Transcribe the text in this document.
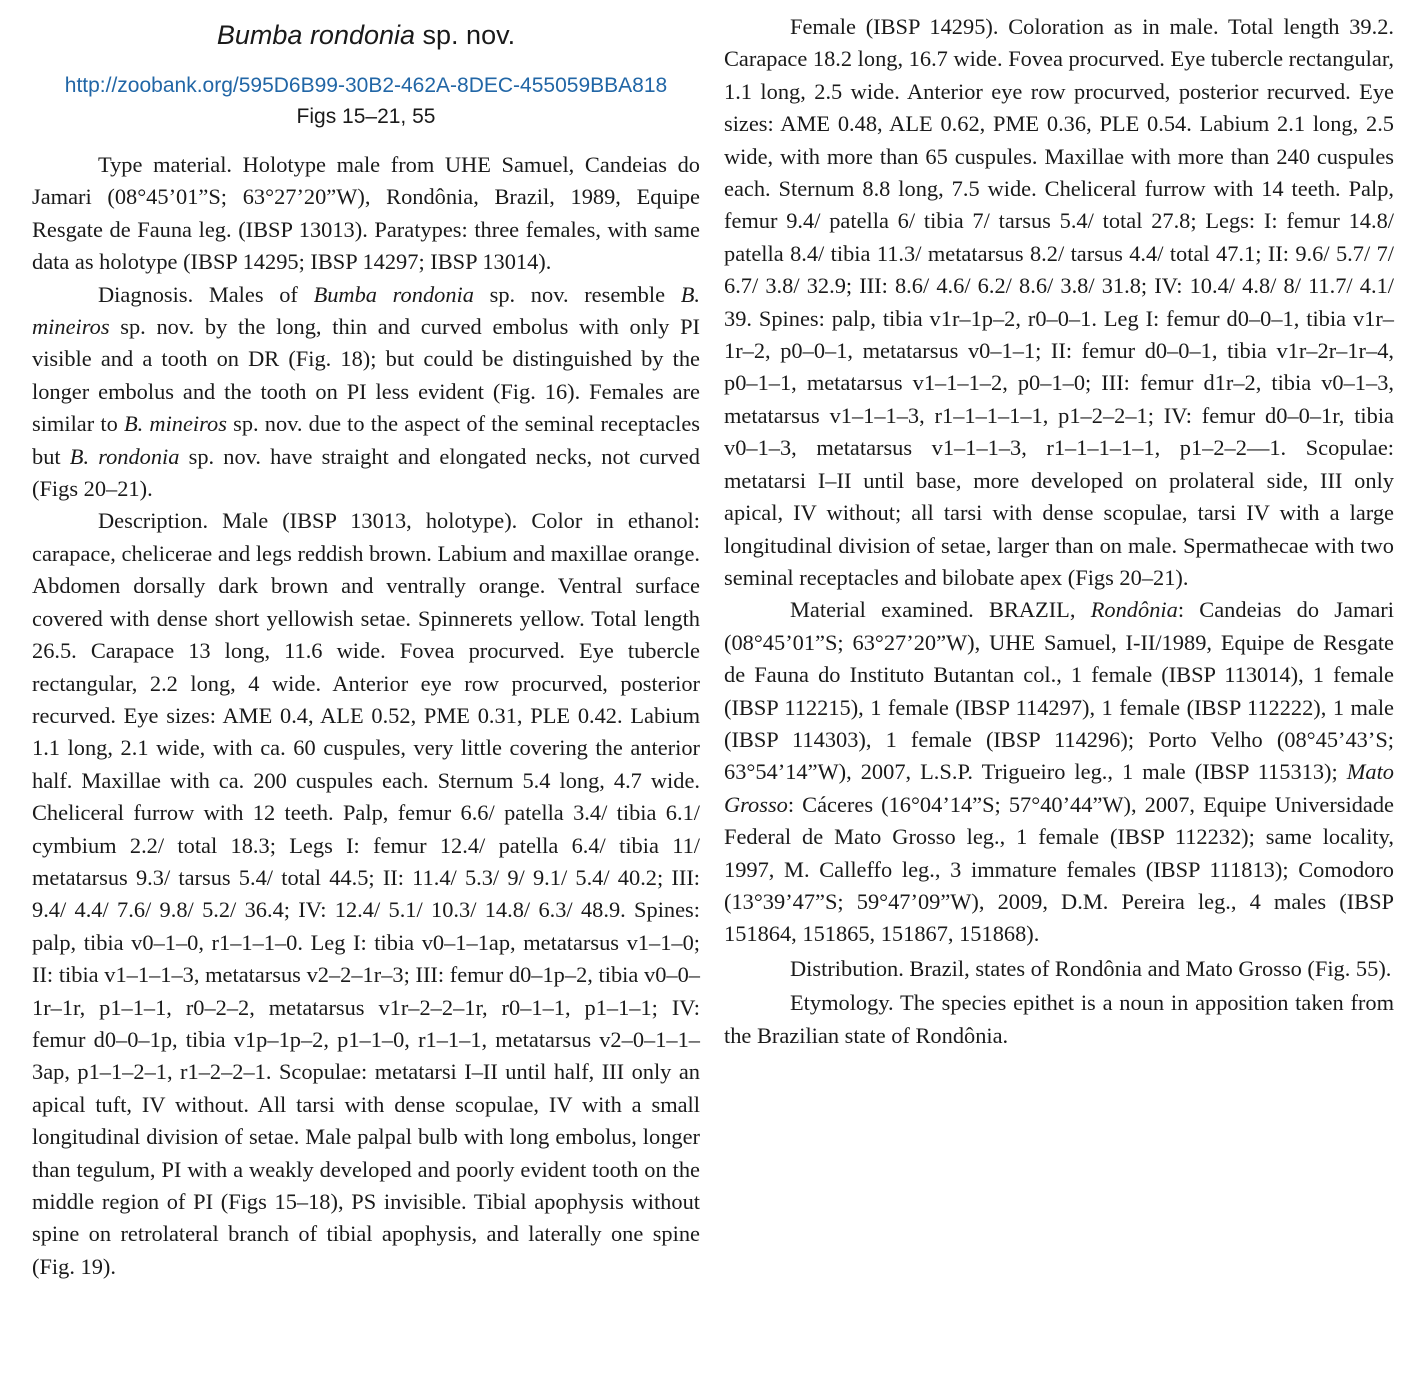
Bumba rondonia sp. nov.

http://zoobank.org/595D6B99-30B2-462A-8DEC-455059BBA818

Figs 15–21, 55

Type material. Holotype male from UHE Samuel, Candeias do Jamari (08°45’01”S; 63°27’20”W), Rondônia, Brazil, 1989, Equipe Resgate de Fauna leg. (IBSP 13013). Paratypes: three females, with same data as holotype (IBSP 14295; IBSP 14297; IBSP 13014).

Diagnosis. Males of Bumba rondonia sp. nov. resemble B. mineiros sp. nov. by the long, thin and curved embolus with only PI visible and a tooth on DR (Fig. 18); but could be distinguished by the longer embolus and the tooth on PI less evident (Fig. 16). Females are similar to B. mineiros sp. nov. due to the aspect of the seminal receptacles but B. rondonia sp. nov. have straight and elongated necks, not curved (Figs 20–21).

Description. Male (IBSP 13013, holotype). Color in ethanol: carapace, chelicerae and legs reddish brown. Labium and maxillae orange. Abdomen dorsally dark brown and ventrally orange. Ventral surface covered with dense short yellowish setae. Spinnerets yellow. Total length 26.5. Carapace 13 long, 11.6 wide. Fovea procurved. Eye tubercle rectangular, 2.2 long, 4 wide. Anterior eye row procurved, posterior recurved. Eye sizes: AME 0.4, ALE 0.52, PME 0.31, PLE 0.42. Labium 1.1 long, 2.1 wide, with ca. 60 cuspules, very little covering the anterior half. Maxillae with ca. 200 cuspules each. Sternum 5.4 long, 4.7 wide. Cheliceral furrow with 12 teeth. Palp, femur 6.6/ patella 3.4/ tibia 6.1/ cymbium 2.2/ total 18.3; Legs I: femur 12.4/ patella 6.4/ tibia 11/ metatarsus 9.3/ tarsus 5.4/ total 44.5; II: 11.4/ 5.3/ 9/ 9.1/ 5.4/ 40.2; III: 9.4/ 4.4/ 7.6/ 9.8/ 5.2/ 36.4; IV: 12.4/ 5.1/ 10.3/ 14.8/ 6.3/ 48.9. Spines: palp, tibia v0–1–0, r1–1–1–0. Leg I: tibia v0–1–1ap, metatarsus v1–1–0; II: tibia v1–1–1–3, metatarsus v2–2–1r–3; III: femur d0–1p–2, tibia v0–0–1r–1r, p1–1–1, r0–2–2, metatarsus v1r–2–2–1r, r0–1–1, p1–1–1; IV: femur d0–0–1p, tibia v1p–1p–2, p1–1–0, r1–1–1, metatarsus v2–0–1–1–3ap, p1–1–2–1, r1–2–2–1. Scopulae: metatarsi I–II until half, III only an apical tuft, IV without. All tarsi with dense scopulae, IV with a small longitudinal division of setae. Male palpal bulb with long embolus, longer than tegulum, PI with a weakly developed and poorly evident tooth on the middle region of PI (Figs 15–18), PS invisible. Tibial apophysis without spine on retrolateral branch of tibial apophysis, and laterally one spine (Fig. 19).

Female (IBSP 14295). Coloration as in male. Total length 39.2. Carapace 18.2 long, 16.7 wide. Fovea procurved. Eye tubercle rectangular, 1.1 long, 2.5 wide. Anterior eye row procurved, posterior recurved. Eye sizes: AME 0.48, ALE 0.62, PME 0.36, PLE 0.54. Labium 2.1 long, 2.5 wide, with more than 65 cuspules. Maxillae with more than 240 cuspules each. Sternum 8.8 long, 7.5 wide. Cheliceral furrow with 14 teeth. Palp, femur 9.4/ patella 6/ tibia 7/ tarsus 5.4/ total 27.8; Legs: I: femur 14.8/ patella 8.4/ tibia 11.3/ metatarsus 8.2/ tarsus 4.4/ total 47.1; II: 9.6/ 5.7/ 7/ 6.7/ 3.8/ 32.9; III: 8.6/ 4.6/ 6.2/ 8.6/ 3.8/ 31.8; IV: 10.4/ 4.8/ 8/ 11.7/ 4.1/ 39. Spines: palp, tibia v1r–1p–2, r0–0–1. Leg I: femur d0–0–1, tibia v1r–1r–2, p0–0–1, metatarsus v0–1–1; II: femur d0–0–1, tibia v1r–2r–1r–4, p0–1–1, metatarsus v1–1–1–2, p0–1–0; III: femur d1r–2, tibia v0–1–3, metatarsus v1–1–1–3, r1–1–1–1–1, p1–2–2–1; IV: femur d0–0–1r, tibia v0–1–3, metatarsus v1–1–1–3, r1–1–1–1–1, p1–2–2—1. Scopulae: metatarsi I–II until base, more developed on prolateral side, III only apical, IV without; all tarsi with dense scopulae, tarsi IV with a large longitudinal division of setae, larger than on male. Spermathecae with two seminal receptacles and bilobate apex (Figs 20–21).

Material examined. BRAZIL, Rondônia: Candeias do Jamari (08°45’01”S; 63°27’20”W), UHE Samuel, I-II/1989, Equipe de Resgate de Fauna do Instituto Butantan col., 1 female (IBSP 113014), 1 female (IBSP 112215), 1 female (IBSP 114297), 1 female (IBSP 112222), 1 male (IBSP 114303), 1 female (IBSP 114296); Porto Velho (08°45’43’S; 63°54’14”W), 2007, L.S.P. Trigueiro leg., 1 male (IBSP 115313); Mato Grosso: Cáceres (16°04’14”S; 57°40’44”W), 2007, Equipe Universidade Federal de Mato Grosso leg., 1 female (IBSP 112232); same locality, 1997, M. Calleffo leg., 3 immature females (IBSP 111813); Comodoro (13°39’47”S; 59°47’09”W), 2009, D.M. Pereira leg., 4 males (IBSP 151864, 151865, 151867, 151868).

Distribution. Brazil, states of Rondônia and Mato Grosso (Fig. 55).

Etymology. The species epithet is a noun in apposition taken from the Brazilian state of Rondônia.
